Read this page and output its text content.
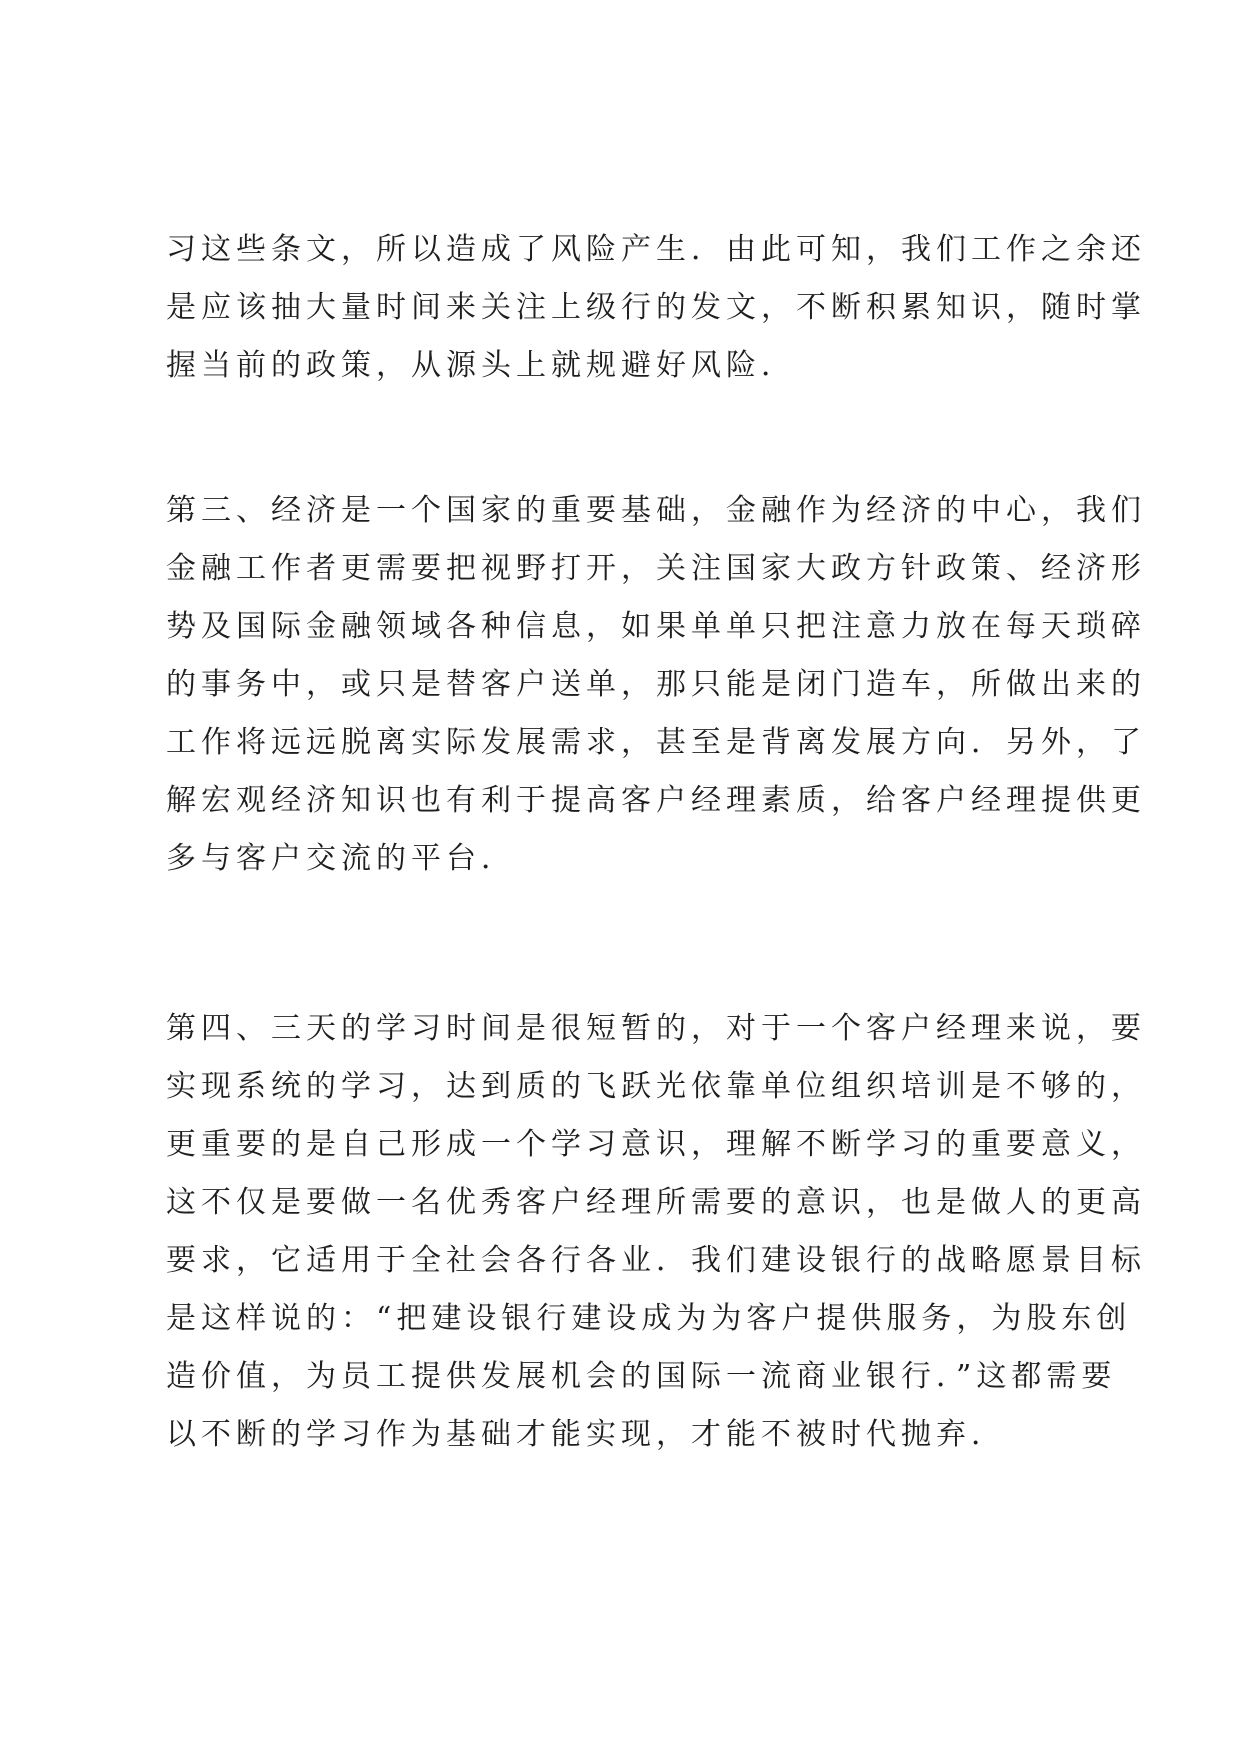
习这些条文，所以造成了风险产生．由此可知，我们工作之余还
是应该抽大量时间来关注上级行的发文，不断积累知识，随时掌
握当前的政策，从源头上就规避好风险．
第三、经济是一个国家的重要基础，金融作为经济的中心，我们
金融工作者更需要把视野打开，关注国家大政方针政策、经济形
势及国际金融领域各种信息，如果单单只把注意力放在每天琐碎
的事务中，或只是替客户送单，那只能是闭门造车，所做出来的
工作将远远脱离实际发展需求，甚至是背离发展方向．另外，了
解宏观经济知识也有利于提高客户经理素质，给客户经理提供更
多与客户交流的平台．
第四、三天的学习时间是很短暂的，对于一个客户经理来说，要
实现系统的学习，达到质的飞跃光依靠单位组织培训是不够的，
更重要的是自己形成一个学习意识，理解不断学习的重要意义，
这不仅是要做一名优秀客户经理所需要的意识，也是做人的更高
要求，它适用于全社会各行各业．我们建设银行的战略愿景目标
是这样说的：“把建设银行建设成为为客户提供服务，为股东创
造价值，为员工提供发展机会的国际一流商业银行．”这都需要
以不断的学习作为基础才能实现，才能不被时代抛弃．
